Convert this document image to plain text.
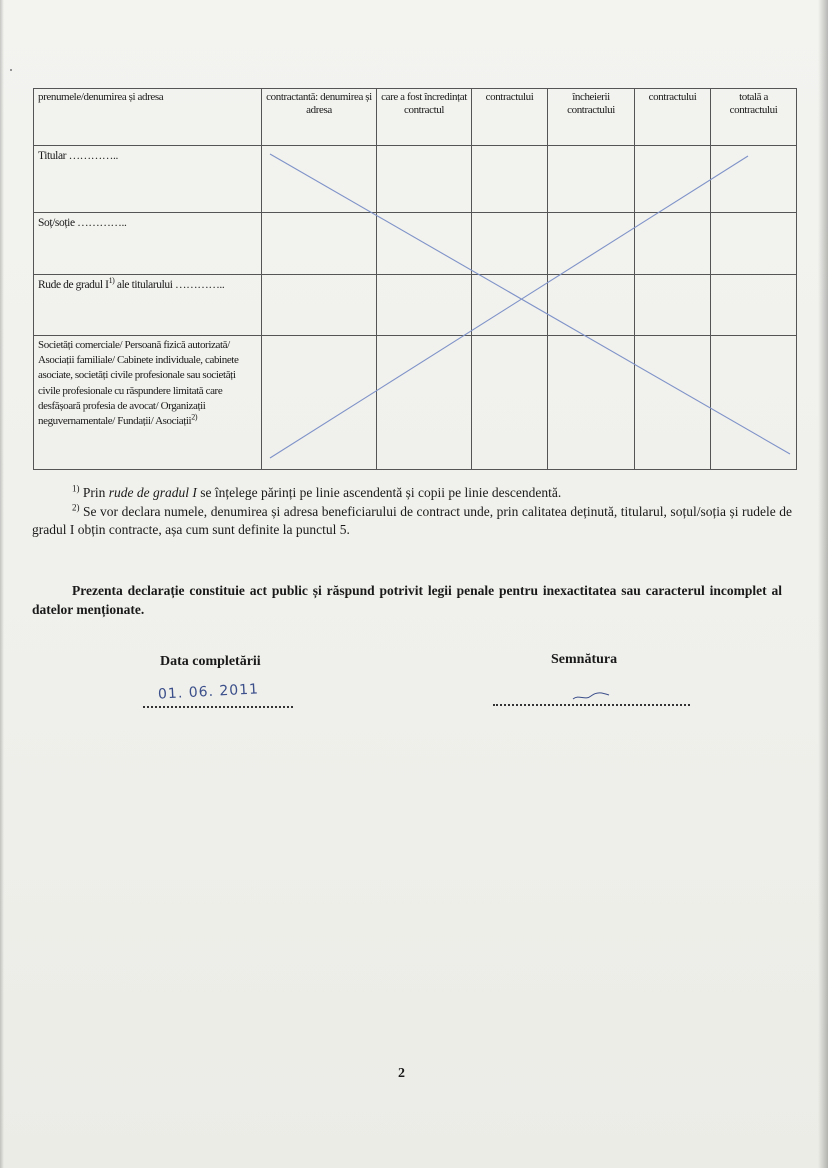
prenumele/denumirea și adresa	contractantă: denumirea și adresa	care a fost încredințat contractul	contractului	încheierii contractului	contractului	totală a contractului
Titular …………..						
Soț/soție …………..						
Rude de gradul $I^{1)}$ ale titularului …………..						
Societăți comerciale/ Persoană fizică autorizată/ Asociații familiale/ Cabinete individuale, cabinete asociate, societăți civile profesionale sau societăți civile profesionale cu răspundere limitată care desfășoară profesia de avocat/ Organizații neguvernamentale/ Fundații/ Asociații$^{2)}$						
$^{1)}$ Prin rude de gradul I se înțelege părinți pe linie ascendentă și copii pe linie descendentă.
$^{2)}$ Se vor declara numele, denumirea și adresa beneficiarului de contract unde, prin calitatea deținută, titularul, soțul/soția și rudele de gradul I obțin contracte, așa cum sunt definite la punctul 5.
Prezenta declarație constituie act public și răspund potrivit legii penale pentru inexactitatea sau caracterul incomplet al datelor menționate.
Data completării	Semnătura
01. 06. 2011
2
